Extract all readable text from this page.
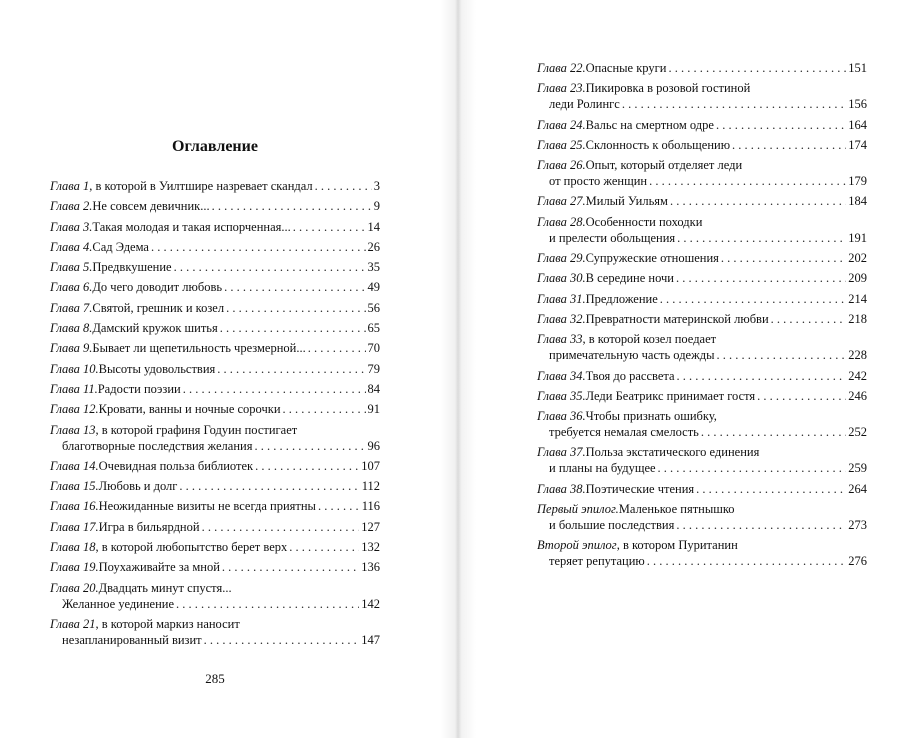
Оглавление
285
Глава 1 , в которой в Уилтшире назревает скандал . . .	3
Глава 2. Не совсем девичник... . . .	9
Глава 3. Такая молодая и такая испорченная... . . .	14
Глава 4. Сад Эдема . . .	26
Глава 5. Предвкушение . . .	35
Глава 6. До чего доводит любовь . . .	49
Глава 7. Святой, грешник и козел . . .	56
Глава 8. Дамский кружок шитья . . .	65
Глава 9. Бывает ли щепетильность чрезмерной... . . .	70
Глава 10. Высоты удовольствия . . .	79
Глава 11. Радости поэзии . . .	84
Глава 12. Кровати, ванны и ночные сорочки . . .	91
Глава 13 , в которой графиня Годуин постигает
благотворные последствия желания . . .	96
Глава 14. Очевидная польза библиотек . . .	107
Глава 15. Любовь и долг . . .	112
Глава 16. Неожиданные визиты не всегда приятны . . .	116
Глава 17. Игра в бильярдной . . .	127
Глава 18 , в которой любопытство берет верх . . .	132
Глава 19. Поухаживайте за мной . . .	136
Глава 20. Двадцать минут спустя...
Желанное уединение . . .	142
Глава 21 , в которой маркиз наносит
незапланированный визит . . .	147
Глава 22. Опасные круги . . .	151
Глава 23. Пикировка в розовой гостиной
леди Ролингс . . .	156
Глава 24. Вальс на смертном одре . . .	164
Глава 25. Склонность к обольщению . . .	174
Глава 26. Опыт, который отделяет леди
от просто женщин . . .	179
Глава 27. Милый Уильям . . .	184
Глава 28. Особенности походки
и прелести обольщения . . .	191
Глава 29. Супружеские отношения . . .	202
Глава 30. В середине ночи . . .	209
Глава 31. Предложение . . .	214
Глава 32. Превратности материнской любви . . .	218
Глава 33 , в которой козел поедает
примечательную часть одежды . . .	228
Глава 34. Твоя до рассвета . . .	242
Глава 35. Леди Беатрикс принимает гостя . . .	246
Глава 36. Чтобы признать ошибку,
требуется немалая смелость . . .	252
Глава 37. Польза экстатического единения
и планы на будущее . . .	259
Глава 38. Поэтические чтения . . .	264
Первый эпилог. Маленькое пятнышко
и большие последствия . . .	273
Второй эпилог , в котором Пуританин
теряет репутацию . . .	276
